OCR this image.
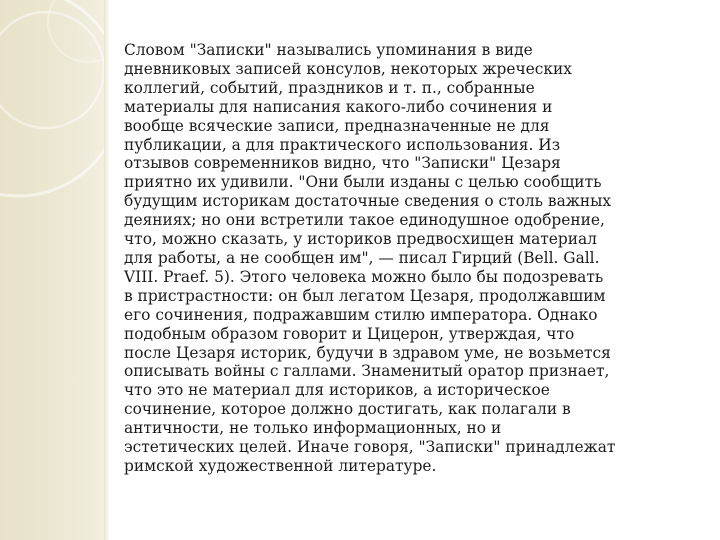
Словом "Записки" назывались упоминания в виде
дневниковых записей консулов, некоторых жреческих
коллегий, событий, праздников и т. п., собранные
материалы для написания какого-либо сочинения и
вообще всяческие записи, предназначенные не для
публикации, а для практического использования. Из
отзывов современников видно, что "Записки" Цезаря
приятно их удивили. "Они были изданы с целью сообщить
будущим историкам достаточные сведения о столь важных
деяниях; но они встретили такое единодушное одобрение,
что, можно сказать, у историков предвосхищен материал
для работы, а не сообщен им", — писал Гирций (Bell. Gall.
VIII. Praef. 5). Этого человека можно было бы подозревать
в пристрастности: он был легатом Цезаря, продолжавшим
его сочинения, подражавшим стилю императора. Однако
подобным образом говорит и Цицерон, утверждая, что
после Цезаря историк, будучи в здравом уме, не возьмется
описывать войны с галлами. Знаменитый оратор признает,
что это не материал для историков, а историческое
сочинение, которое должно достигать, как полагали в
античности, не только информационных, но и
эстетических целей. Иначе говоря, "Записки" принадлежат
римской художественной литературе.
